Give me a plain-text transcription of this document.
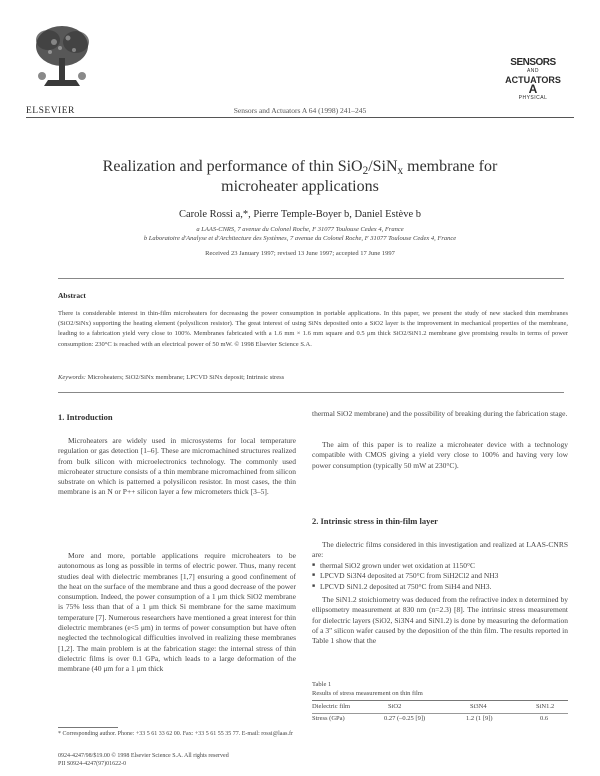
ELSEVIER	Sensors and Actuators A 64 (1998) 241–245
SENSORS
AND
ACTUATORS
A
PHYSICAL
Realization and performance of thin SiO$_2$/SiN$_x$ membrane for
microheater applications
Carole Rossi a,*, Pierre Temple-Boyer b, Daniel Estève b
a LAAS-CNRS, 7 avenue du Colonel Roche, F 31077 Toulouse Cedex 4, France
b Laboratoire d'Analyse et d'Architecture des Systèmes, 7 avenue du Colonel Roche, F 31077 Toulouse Cedex 4, France
Received 23 January 1997; revised 13 June 1997; accepted 17 June 1997
Abstract
There is considerable interest in thin-film microheaters for decreasing the power consumption in portable applications. In this paper, we present the study of new stacked thin membranes (SiO2/SiNx) supporting the heating element (polysilicon resistor). The great interest of using SiNx deposited onto a SiO2 layer is the improvement in mechanical properties of the membrane, leading to a fabrication yield very close to 100%. Membranes fabricated with a 1.6 mm × 1.6 mm square and 0.5 μm thick SiO2/SiN1.2 membrane give promising results in terms of power consumption: 230°C is reached with an electrical power of 50 mW. © 1998 Elsevier Science S.A.
Keywords: Microheaters; SiO2/SiNx membrane; LPCVD SiNx deposit; Intrinsic stress
1. Introduction
Microheaters are widely used in microsystems for local temperature regulation or gas detection [1–6]. These are micromachined structures realized from bulk silicon with microelectronics technology. The commonly used microheater structure consists of a thin membrane micromachined from silicon substrate on which is patterned a polysilicon resistor. In most cases, the thin membrane is an N or P++ silicon layer a few micrometers thick [3–5].
More and more, portable applications require microheaters to be autonomous as long as possible in terms of electric power. Thus, many recent studies deal with dielectric membranes [1,7] ensuring a good confinement of the heat on the surface of the membrane and thus a good decrease of the power consumption. Indeed, the power consumption of a 1 μm thick SiO2 membrane is 75% less than that of a 1 μm thick Si membrane for the same maximum temperature [7]. Numerous researchers have mentioned a great interest for thin dielectric membranes (e<5 μm) in terms of power consumption but have often neglected the technological difficulties involved in realizing these membranes [1,2]. The main problem is at the fabrication stage: the internal stress of thin dielectric films is over 0.1 GPa, which leads to a large deformation of the membrane (40 μm for a 1 μm thick
thermal SiO2 membrane) and the possibility of breaking during the fabrication stage.
The aim of this paper is to realize a microheater device with a technology compatible with CMOS giving a yield very close to 100% and having very low power consumption (typically 50 mW at 230°C).
2. Intrinsic stress in thin-film layer
The dielectric films considered in this investigation and realized at LAAS-CNRS are:
■ thermal SiO2 grown under wet oxidation at 1150°C
■ LPCVD Si3N4 deposited at 750°C from SiH2Cl2 and NH3
■ LPCVD SiN1.2 deposited at 750°C from SiH4 and NH3.
The SiN1.2 stoichiometry was deduced from the refractive index n determined by ellipsometry measurement at 830 nm (n=2.3) [8]. The intrinsic stress measurement for dielectric layers (SiO2, Si3N4 and SiN1.2) is done by measuring the deformation of a 3" silicon wafer caused by the deposition of the thin film. The results reported in Table 1 show that the
Table 1
Results of stress measurement on thin film
Dielectric film	SiO2	Si3N4	SiN1.2
Stress (GPa)	0.27 (–0.25 [9])	1.2 (1 [9])	0.6
* Corresponding author. Phone: +33 5 61 33 62 00. Fax: +33 5 61 55 35 77. E-mail: rossi@laas.fr
0924-4247/98/$19.00 © 1998 Elsevier Science S.A. All rights reserved
PII S0924-4247(97)01622-0
